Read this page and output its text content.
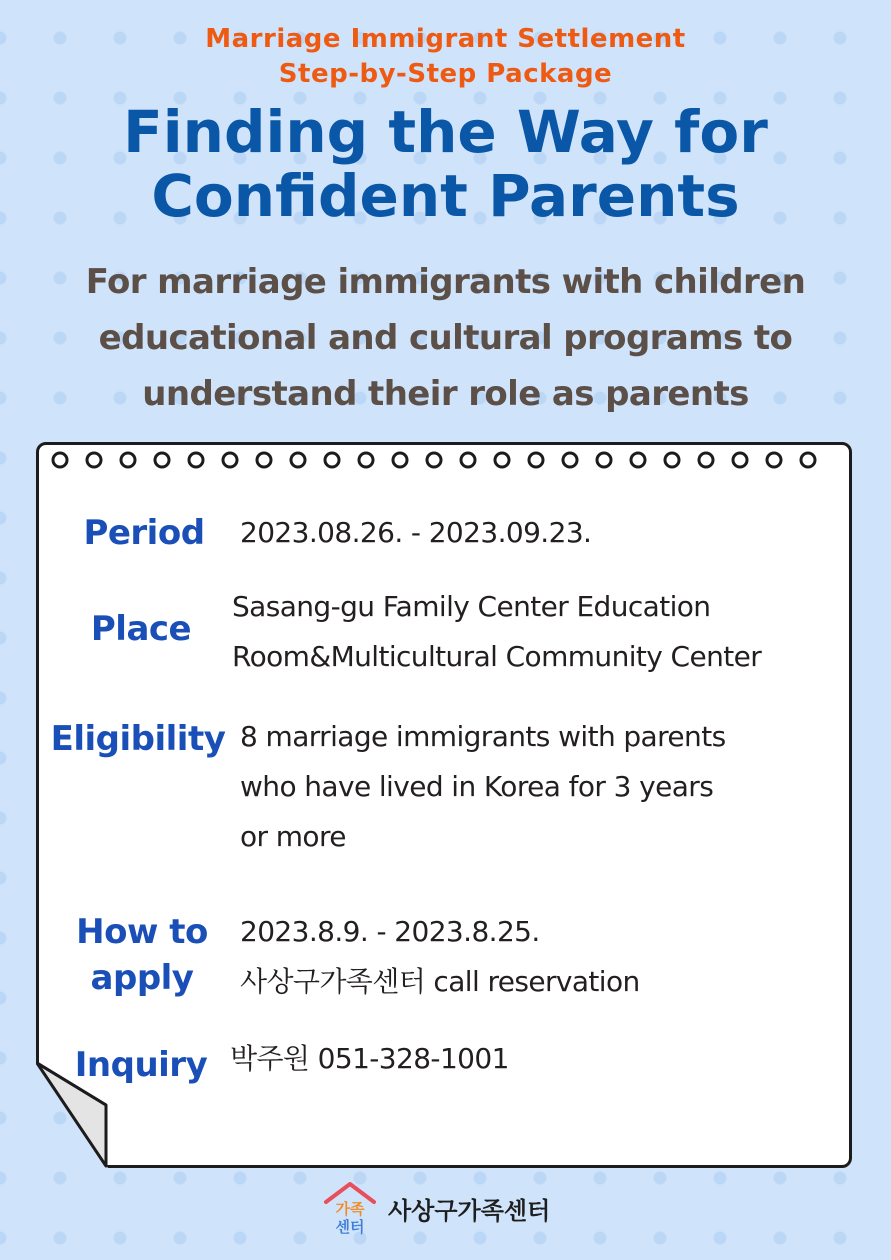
Marriage Immigrant Settlement
Step-by-Step Package

Finding the Way for
Confident Parents

For marriage immigrants with children
educational and cultural programs to
understand their role as parents

Period 2023.08.26. - 2023.09.23.
Place
Sasang-gu Family Center Education
Room&Multicultural Community Center
Eligibility 8 marriage immigrants with parents
who have lived in Korea for 3 years
or more
How to
apply
2023.8.9. - 2023.8.25.
사상구가족센터 call reservation
Inquiry 박주원 051-328-1001
가족
센터
사상구가족센터
